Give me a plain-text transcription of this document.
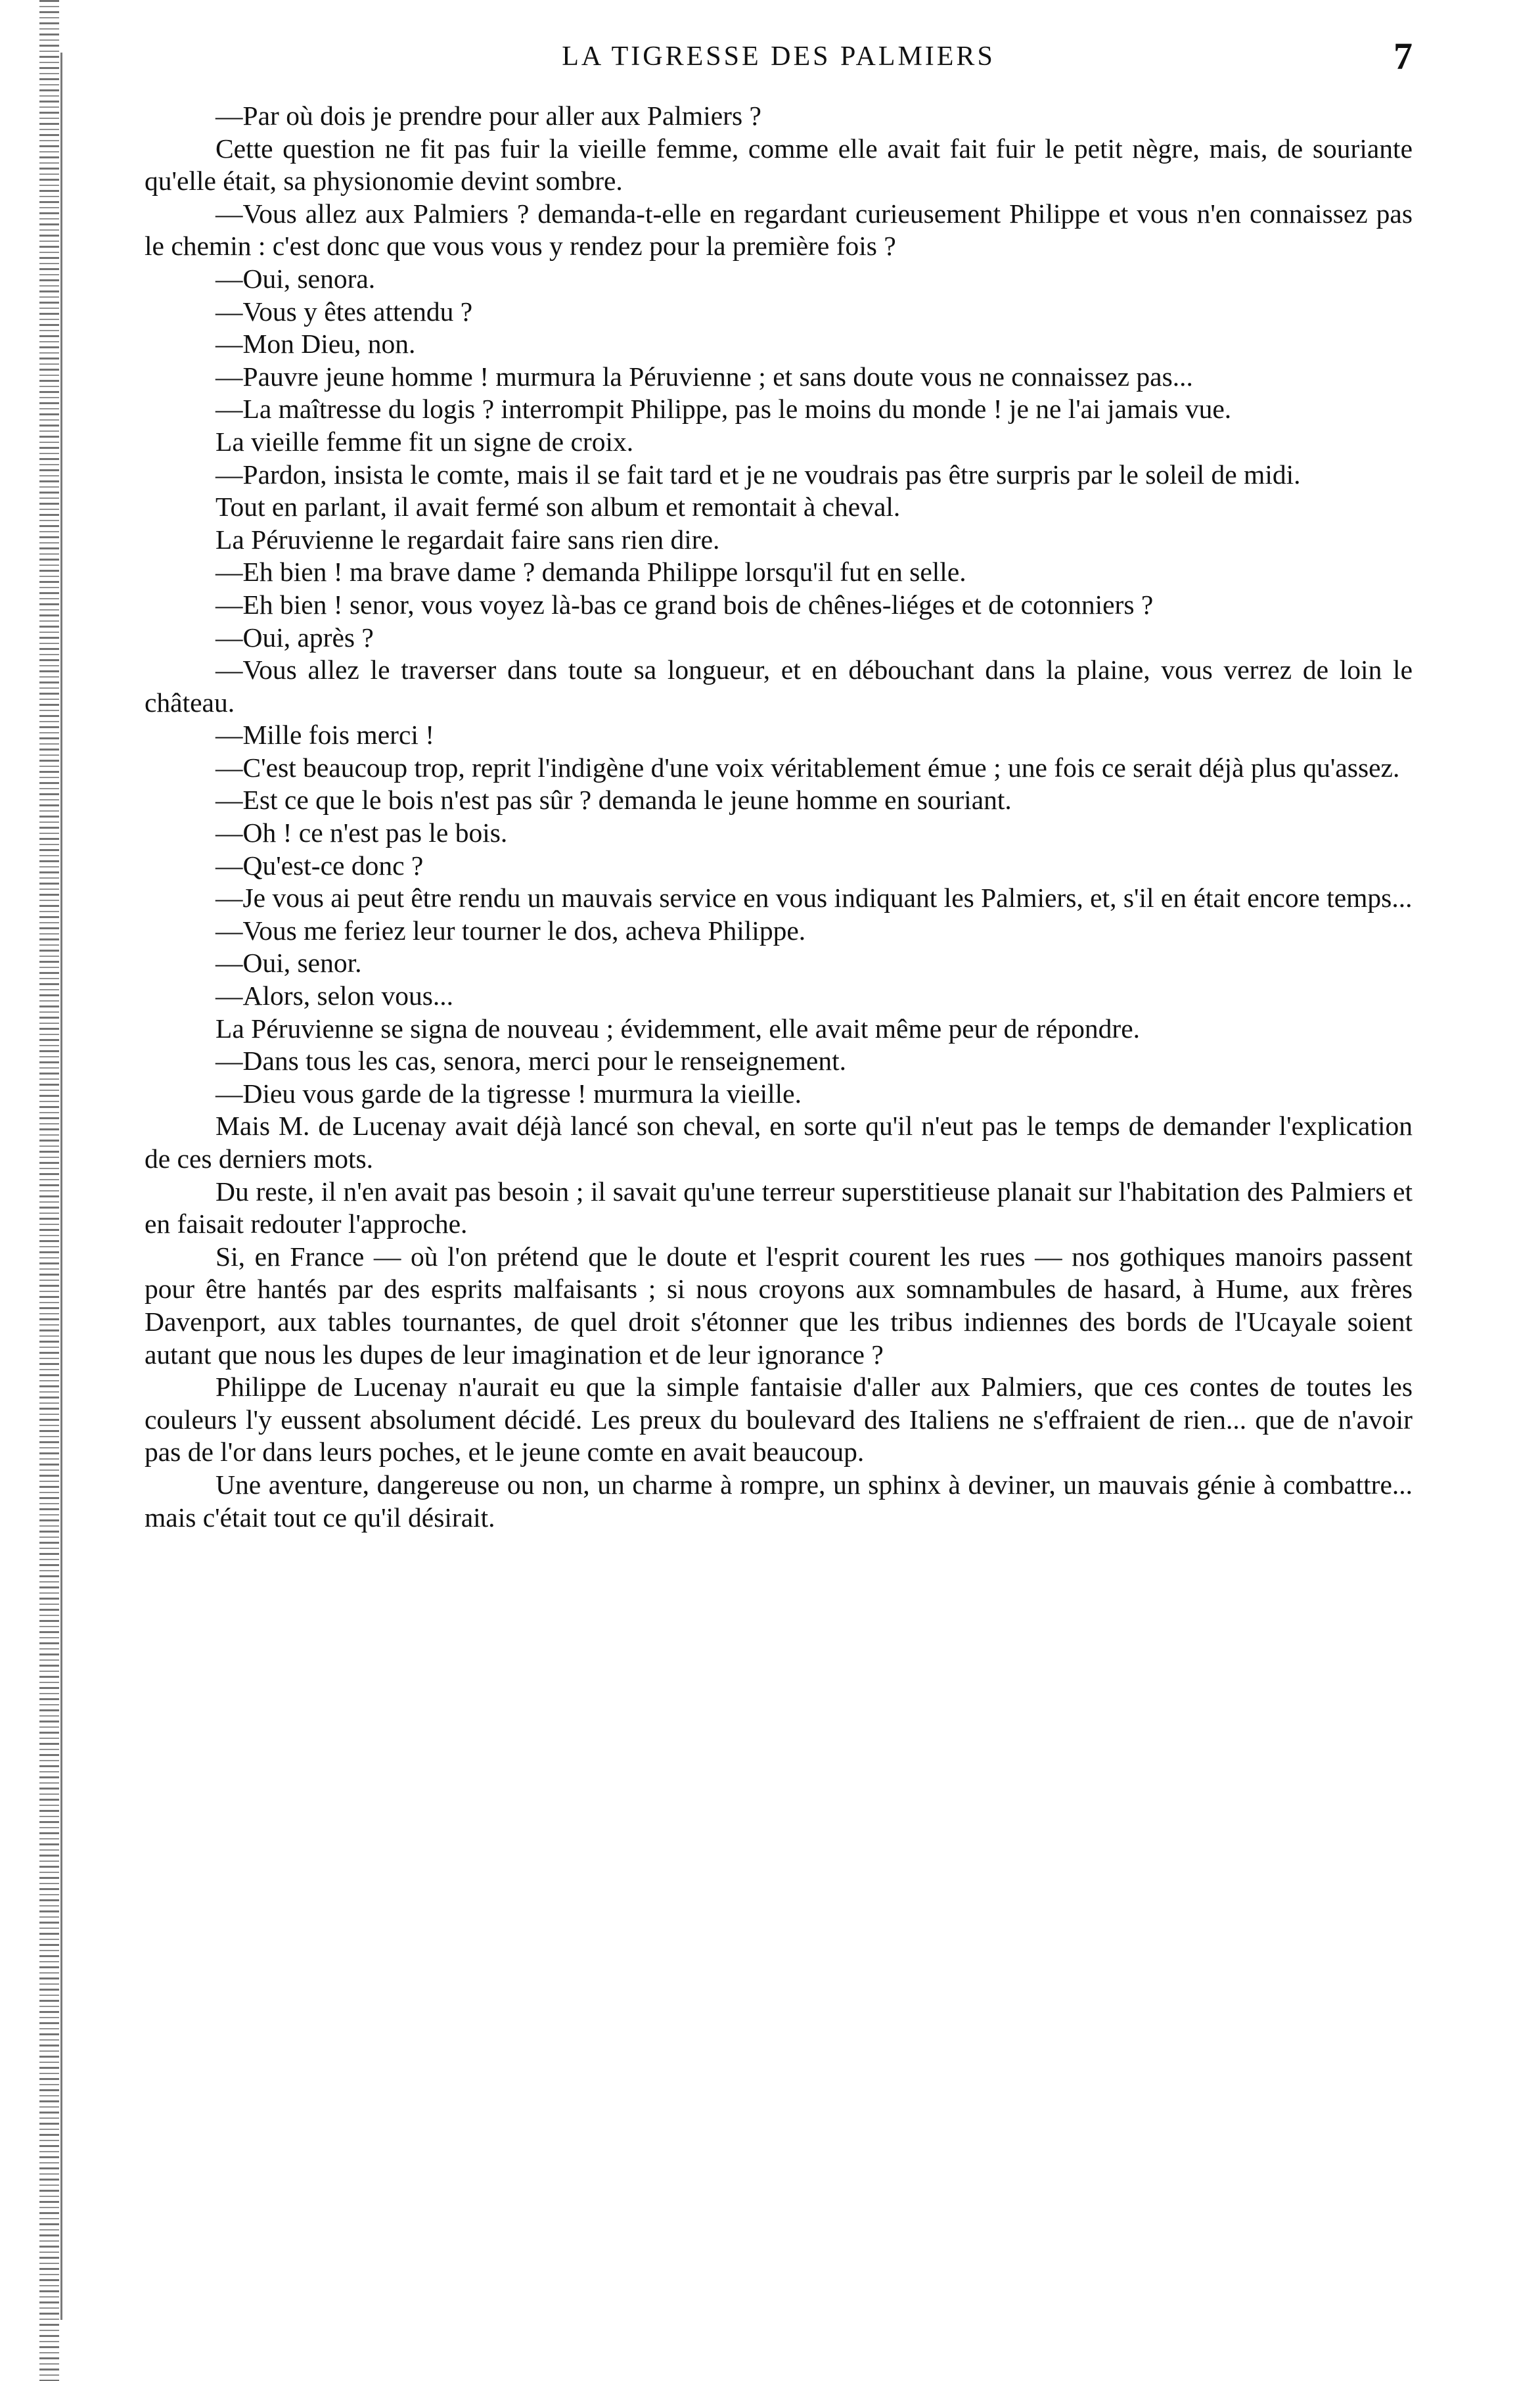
LA TIGRESSE DES PALMIERS	7

—Par où dois je prendre pour aller aux Palmiers ?

Cette question ne fit pas fuir la vieille femme, comme elle avait fait fuir le petit nègre, mais, de souriante qu'elle était, sa physionomie devint sombre.

—Vous allez aux Palmiers ? demanda-t-elle en regardant curieusement Philippe et vous n'en connaissez pas le chemin : c'est donc que vous vous y rendez pour la première fois ?

—Oui, senora.

—Vous y êtes attendu ?

—Mon Dieu, non.

—Pauvre jeune homme ! murmura la Péruvienne ; et sans doute vous ne connaissez pas...

—La maîtresse du logis ? interrompit Philippe, pas le moins du monde ! je ne l'ai jamais vue.

La vieille femme fit un signe de croix.

—Pardon, insista le comte, mais il se fait tard et je ne voudrais pas être surpris par le soleil de midi.

Tout en parlant, il avait fermé son album et remontait à cheval.

La Péruvienne le regardait faire sans rien dire.

—Eh bien ! ma brave dame ? demanda Philippe lorsqu'il fut en selle.

—Eh bien ! senor, vous voyez là-bas ce grand bois de chênes-liéges et de cotonniers ?

—Oui, après ?

—Vous allez le traverser dans toute sa longueur, et en débouchant dans la plaine, vous verrez de loin le château.

—Mille fois merci !

—C'est beaucoup trop, reprit l'indigène d'une voix véritablement émue ; une fois ce serait déjà plus qu'assez.

—Est ce que le bois n'est pas sûr ? demanda le jeune homme en souriant.

—Oh ! ce n'est pas le bois.

—Qu'est-ce donc ?

—Je vous ai peut être rendu un mauvais service en vous indiquant les Palmiers, et, s'il en était encore temps...

—Vous me feriez leur tourner le dos, acheva Philippe.

—Oui, senor.

—Alors, selon vous...

La Péruvienne se signa de nouveau ; évidemment, elle avait même peur de répondre.

—Dans tous les cas, senora, merci pour le renseignement.

—Dieu vous garde de la tigresse ! murmura la vieille.

Mais M. de Lucenay avait déjà lancé son cheval, en sorte qu'il n'eut pas le temps de demander l'explication de ces derniers mots.

Du reste, il n'en avait pas besoin ; il savait qu'une terreur superstitieuse planait sur l'habitation des Palmiers et en faisait redouter l'approche.

Si, en France — où l'on prétend que le doute et l'esprit courent les rues — nos gothiques manoirs passent pour être hantés par des esprits malfaisants ; si nous croyons aux somnambules de hasard, à Hume, aux frères Davenport, aux tables tournantes, de quel droit s'étonner que les tribus indiennes des bords de l'Ucayale soient autant que nous les dupes de leur imagination et de leur ignorance ?

Philippe de Lucenay n'aurait eu que la simple fantaisie d'aller aux Palmiers, que ces contes de toutes les couleurs l'y eussent absolument décidé. Les preux du boulevard des Italiens ne s'effraient de rien... que de n'avoir pas de l'or dans leurs poches, et le jeune comte en avait beaucoup.

Une aventure, dangereuse ou non, un charme à rompre, un sphinx à deviner, un mauvais génie à combattre... mais c'était tout ce qu'il désirait.
